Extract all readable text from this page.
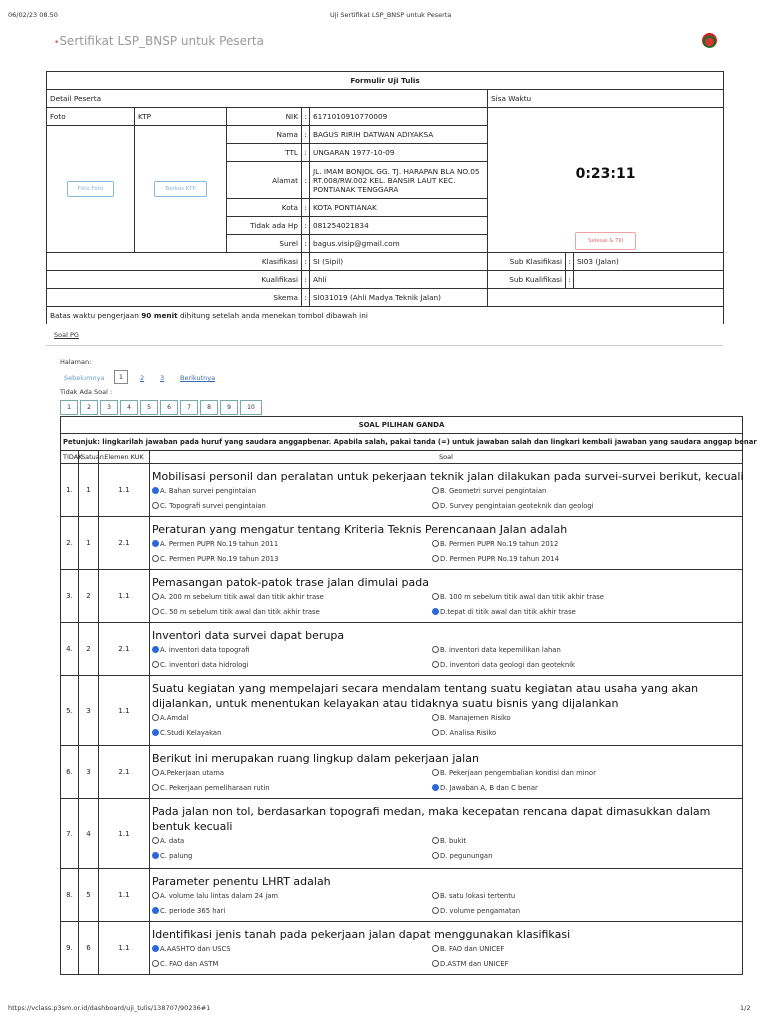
06/02/23 08.50	Uji Sertifikat LSP_BNSP untuk Peserta
•Sertifikat LSP_BNSP untuk Peserta
Formulir Uji Tulis							
Detail Peserta					Sisa Waktu		
Foto	KTP	NIK	:	6171010910770009	0:23:11
Selesai & Tiil		
Foto Foto	Berkas KTP	Nama	:	BAGUS RIRIH DATWAN ADIYAKSA			
		TTL	:	UNGARAN 1977-10-09			
		Alamat	:	JL. IMAM BONJOL GG. TJ. HARAPAN BLA NO.05 RT.008/RW.002 KEL. BANSIR LAUT KEC. PONTIANAK TENGGARA			
		Kota	:	KOTA PONTIANAK			
		Tidak ada Hp	:	081254021834			
		Surel	:	bagus.visip@gmail.com			
Klasifikasi			:	SI (Sipil)	Sub Klasifikasi	:	SI03 (Jalan)
Kualifikasi			:	Ahli	Sub Kualifikasi	:	
Skema			:	SI031019 (Ahli Madya Teknik Jalan)			
Batas waktu pengerjaan 90 menit dihitung setelah anda menekan tombol dibawah ini							
Soal PG
Halaman:
Sebelumnya	1	2 3 Berikutnya
Tidak Ada Soal :
1	2	3	4	5	6	7	8	9	10
SOAL PILIHAN GANDA			
Petunjuk: lingkarilah jawaban pada huruf yang saudara anggapbenar. Apabila salah, pakai tanda (=) untuk jawaban salah dan lingkari kembali jawaban yang saudara anggap benar			
TIDAK	Satuan	Elemen KUK	Soal
1.	1	1.1	Mobilisasi personil dan peralatan untuk pekerjaan teknik jalan dilakukan pada survei-survei berikut, kecuali
A. Bahan survei pengintaian B. Geometri survei pengintaian
C. Topografi survei pengintaian D. Survey pengintaian geoteknik dan geologi

2.	1	2.1	Peraturan yang mengatur tentang Kriteria Teknis Perencanaan Jalan adalah
A. Permen PUPR No.19 tahun 2011 B. Permen PUPR No.19 tahun 2012
C. Permen PUPR No.19 tahun 2013 D. Permen PUPR No.19 tahun 2014

3.	2	1.1	Pemasangan patok-patok trase jalan dimulai pada
A. 200 m sebelum titik awal dan titik akhir trase B. 100 m sebelum titik awal dan titik akhir trase
C. 50 m sebelum titik awal dan titik akhir trase D.tepat di titik awal dan titik akhir trase

4.	2	2.1	Inventori data survei dapat berupa
A. inventori data topografi B. inventori data kepemilikan lahan
C. inventori data hidrologi D. inventori data geologi dan geoteknik

5.	3	1.1	Suatu kegiatan yang mempelajari secara mendalam tentang suatu kegiatan atau usaha yang akan dijalankan, untuk menentukan kelayakan atau tidaknya suatu bisnis yang dijalankan
A.Amdal B. Manajemen Risiko
C.Studi Kelayakan D. Analisa Risiko

6.	3	2.1	Berikut ini merupakan ruang lingkup dalam pekerjaan jalan
A.Pekerjaan utama B. Pekerjaan pengembalian kondisi dan minor
C. Pekerjaan pemeliharaan rutin D. Jawaban A, B dan C benar

7.	4	1.1	Pada jalan non tol, berdasarkan topografi medan, maka kecepatan rencana dapat dimasukkan dalam bentuk kecuali
A. data B. bukit
C. palung D. pegunungan

8.	5	1.1	Parameter penentu LHRT adalah
A. volume lalu lintas dalam 24 jam B. satu lokasi tertentu
C. periode 365 hari D. volume pengamatan

9.	6	1.1	Identifikasi jenis tanah pada pekerjaan jalan dapat menggunakan klasifikasi
A.AASHTO dan USCS B. FAO dan UNICEF
C. FAO dan ASTM D.ASTM dan UNICEF
https://vclass.p3sm.or.id/dashboard/uji_tulis/138707/90236#1	1/2
